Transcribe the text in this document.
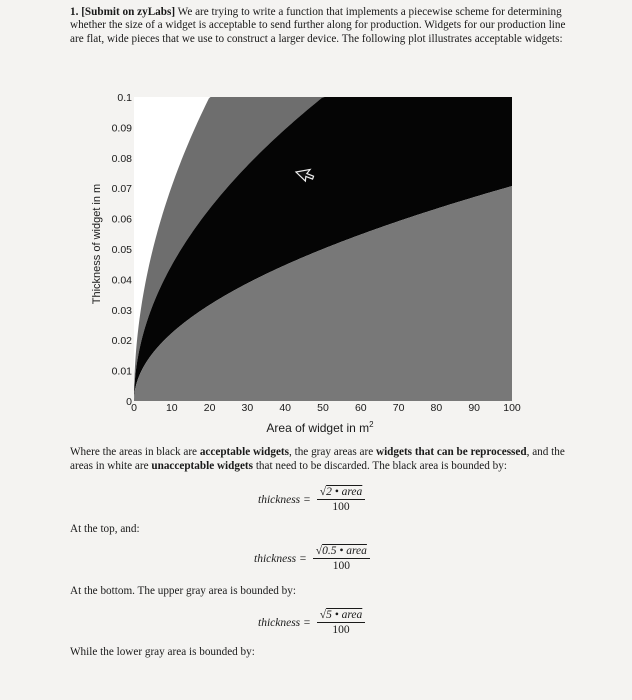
1. [Submit on zyLabs] We are trying to write a function that implements a piecewise scheme for determining whether the size of a widget is acceptable to send further along for production. Widgets for our production line are flat, wide pieces that we use to construct a larger device. The following plot illustrates acceptable widgets:
0
0.01
0.02
0.03
0.04
0.05
0.06
0.07
0.08
0.09
0.1
0	10 20 30 40 50 60 70 80 90 100
Thickness of widget in m
Area of widget in $m^2$
Where the areas in black are acceptable widgets, the gray areas are widgets that can be reprocessed, and the areas in white are unacceptable widgets that need to be discarded. The black area is bounded by:
thickness = $\frac{\text{√2 • area}}{100}$
At the top, and:
thickness = $\frac{\text{√0.5 • area}}{100}$
At the bottom. The upper gray area is bounded by:
thickness = $\frac{\text{√5 • area}}{100}$
While the lower gray area is bounded by:
